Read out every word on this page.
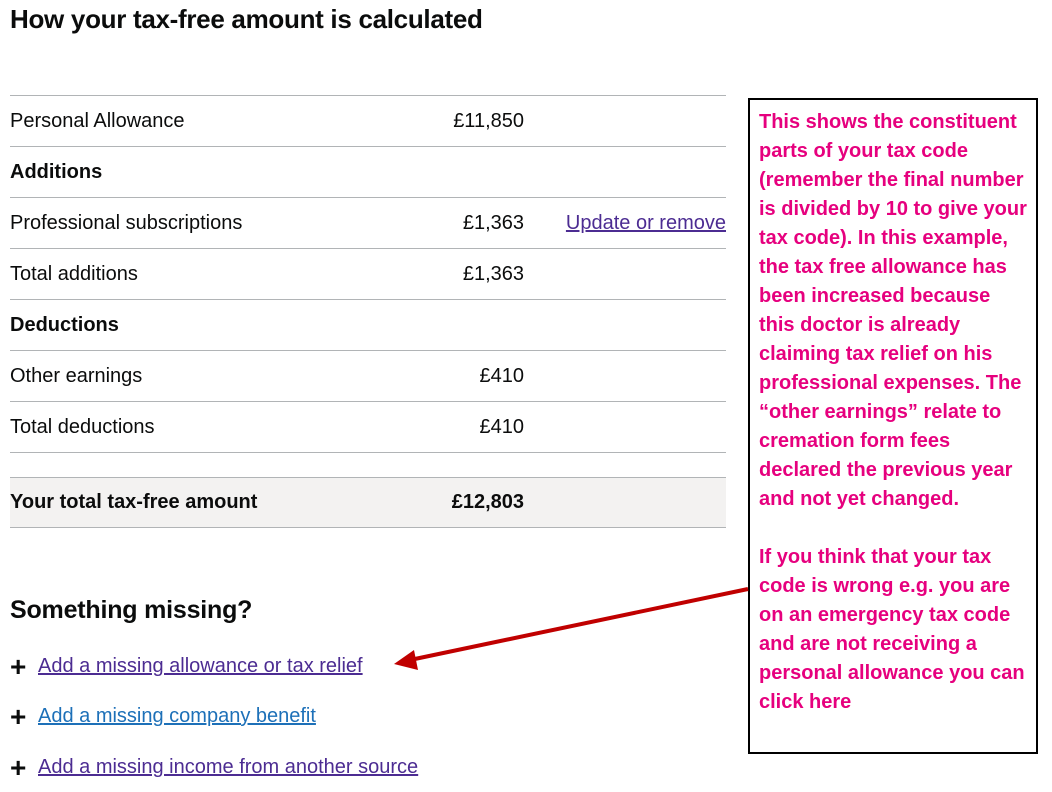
How your tax-free amount is calculated
Personal Allowance	£11,850
Additions
Professional subscriptions	£1,363 Update or remove
Total additions	£1,363
Deductions
Other earnings	£410
Total deductions	£410
Your total tax-free amount	£12,803
Something missing?
+ Add a missing allowance or tax relief
+ Add a missing company benefit
+ Add a missing income from another source

This shows the constituent parts of your tax code (remember the final number is divided by 10 to give your tax code). In this example, the tax free allowance has been increased because this doctor is already claiming tax relief on his professional expenses. The “other earnings” relate to cremation form fees declared the previous year and not yet changed.

If you think that your tax code is wrong e.g. you are on an emergency tax code and are not receiving a personal allowance you can click here
